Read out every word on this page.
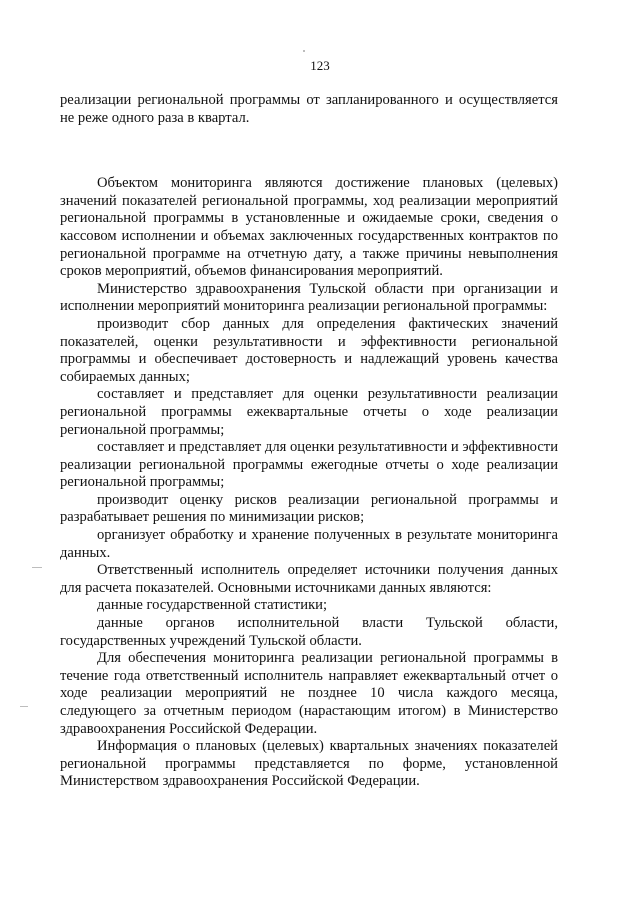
123

реализации региональной программы от запланированного и осуществляется не реже одного раза в квартал.

Объектом мониторинга являются достижение плановых (целевых) значений показателей региональной программы, ход реализации мероприятий региональной программы в установленные и ожидаемые сроки, сведения о кассовом исполнении и объемах заключенных государственных контрактов по региональной программе на отчетную дату, а также причины невыполнения сроков мероприятий, объемов финансирования мероприятий.

Министерство здравоохранения Тульской области при организации и исполнении мероприятий мониторинга реализации региональной программы:

производит сбор данных для определения фактических значений показателей, оценки результативности и эффективности региональной программы и обеспечивает достоверность и надлежащий уровень качества собираемых данных;

составляет и представляет для оценки результативности реализации региональной программы ежеквартальные отчеты о ходе реализации региональной программы;

составляет и представляет для оценки результативности и эффективности реализации региональной программы ежегодные отчеты о ходе реализации региональной программы;

производит оценку рисков реализации региональной программы и разрабатывает решения по минимизации рисков;

организует обработку и хранение полученных в результате мониторинга данных.

Ответственный исполнитель определяет источники получения данных для расчета показателей. Основными источниками данных являются:

данные государственной статистики;

данные органов исполнительной власти Тульской области, государственных учреждений Тульской области.

Для обеспечения мониторинга реализации региональной программы в течение года ответственный исполнитель направляет ежеквартальный отчет о ходе реализации мероприятий не позднее 10 числа каждого месяца, следующего за отчетным периодом (нарастающим итогом) в Министерство здравоохранения Российской Федерации.

Информация о плановых (целевых) квартальных значениях показателей региональной программы представляется по форме, установленной Министерством здравоохранения Российской Федерации.
